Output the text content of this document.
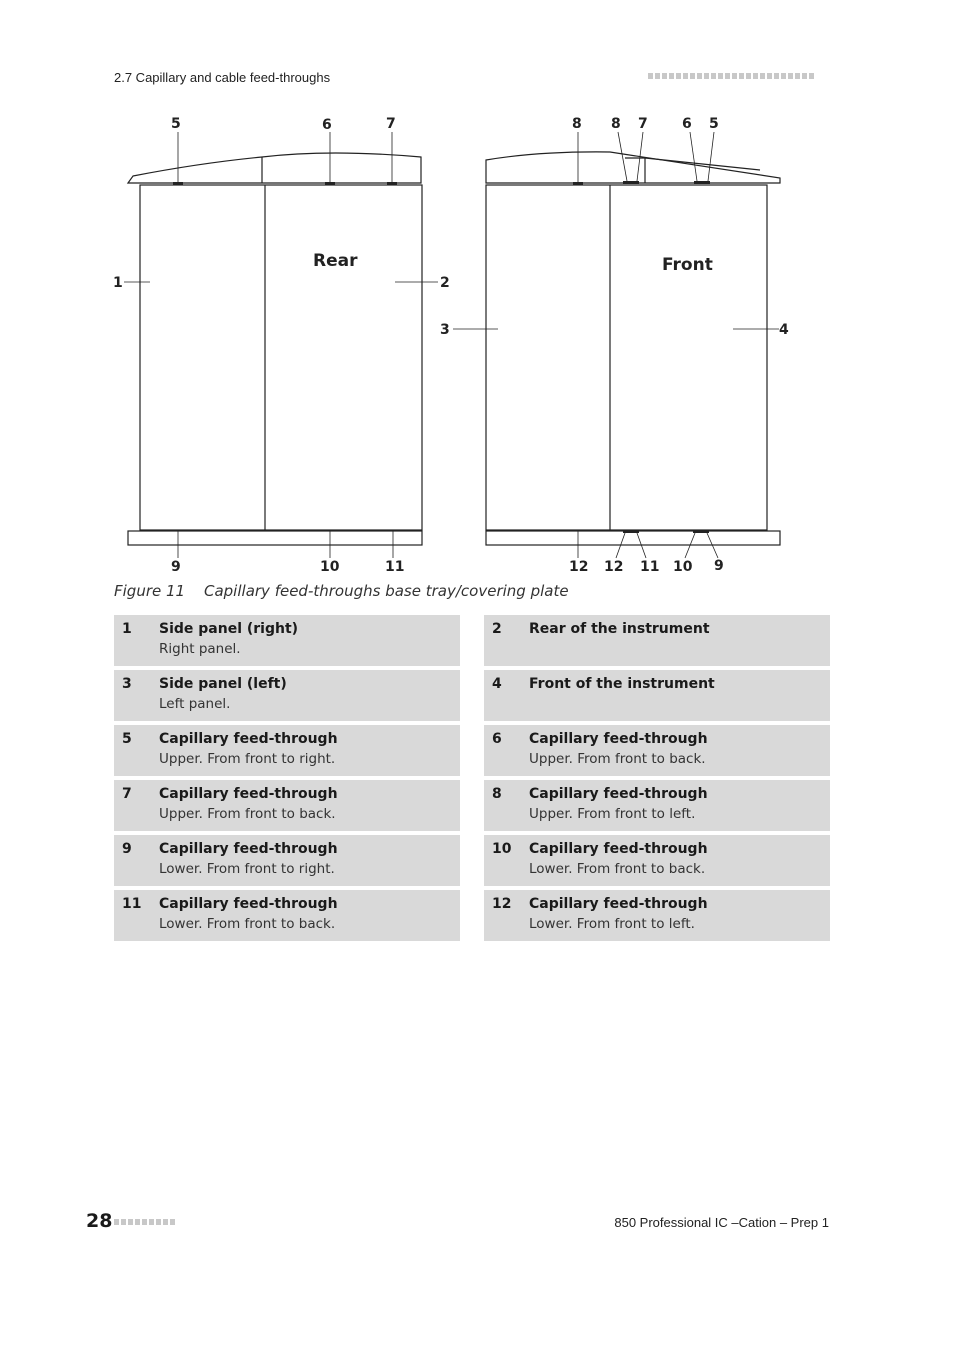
2.7 Capillary and cable feed-throughs
Rear	Front
5	6	7
1	2
9	10	11
8 8 7 6 5
3	4
12 12 11 10 9
Figure 11 Capillary feed-throughs base tray/covering plate
1 Side panel (right)
Right panel.
2 Rear of the instrument
3 Side panel (left)
Left panel.
4 Front of the instrument
5 Capillary feed-through
Upper. From front to right.
6 Capillary feed-through
Upper. From front to back.
7 Capillary feed-through
Upper. From front to back.
8 Capillary feed-through
Upper. From front to left.
9 Capillary feed-through
Lower. From front to right.
10 Capillary feed-through
Lower. From front to back.
11 Capillary feed-through
Lower. From front to back.
12 Capillary feed-through
Lower. From front to left.
28	850 Professional IC –Cation – Prep 1
